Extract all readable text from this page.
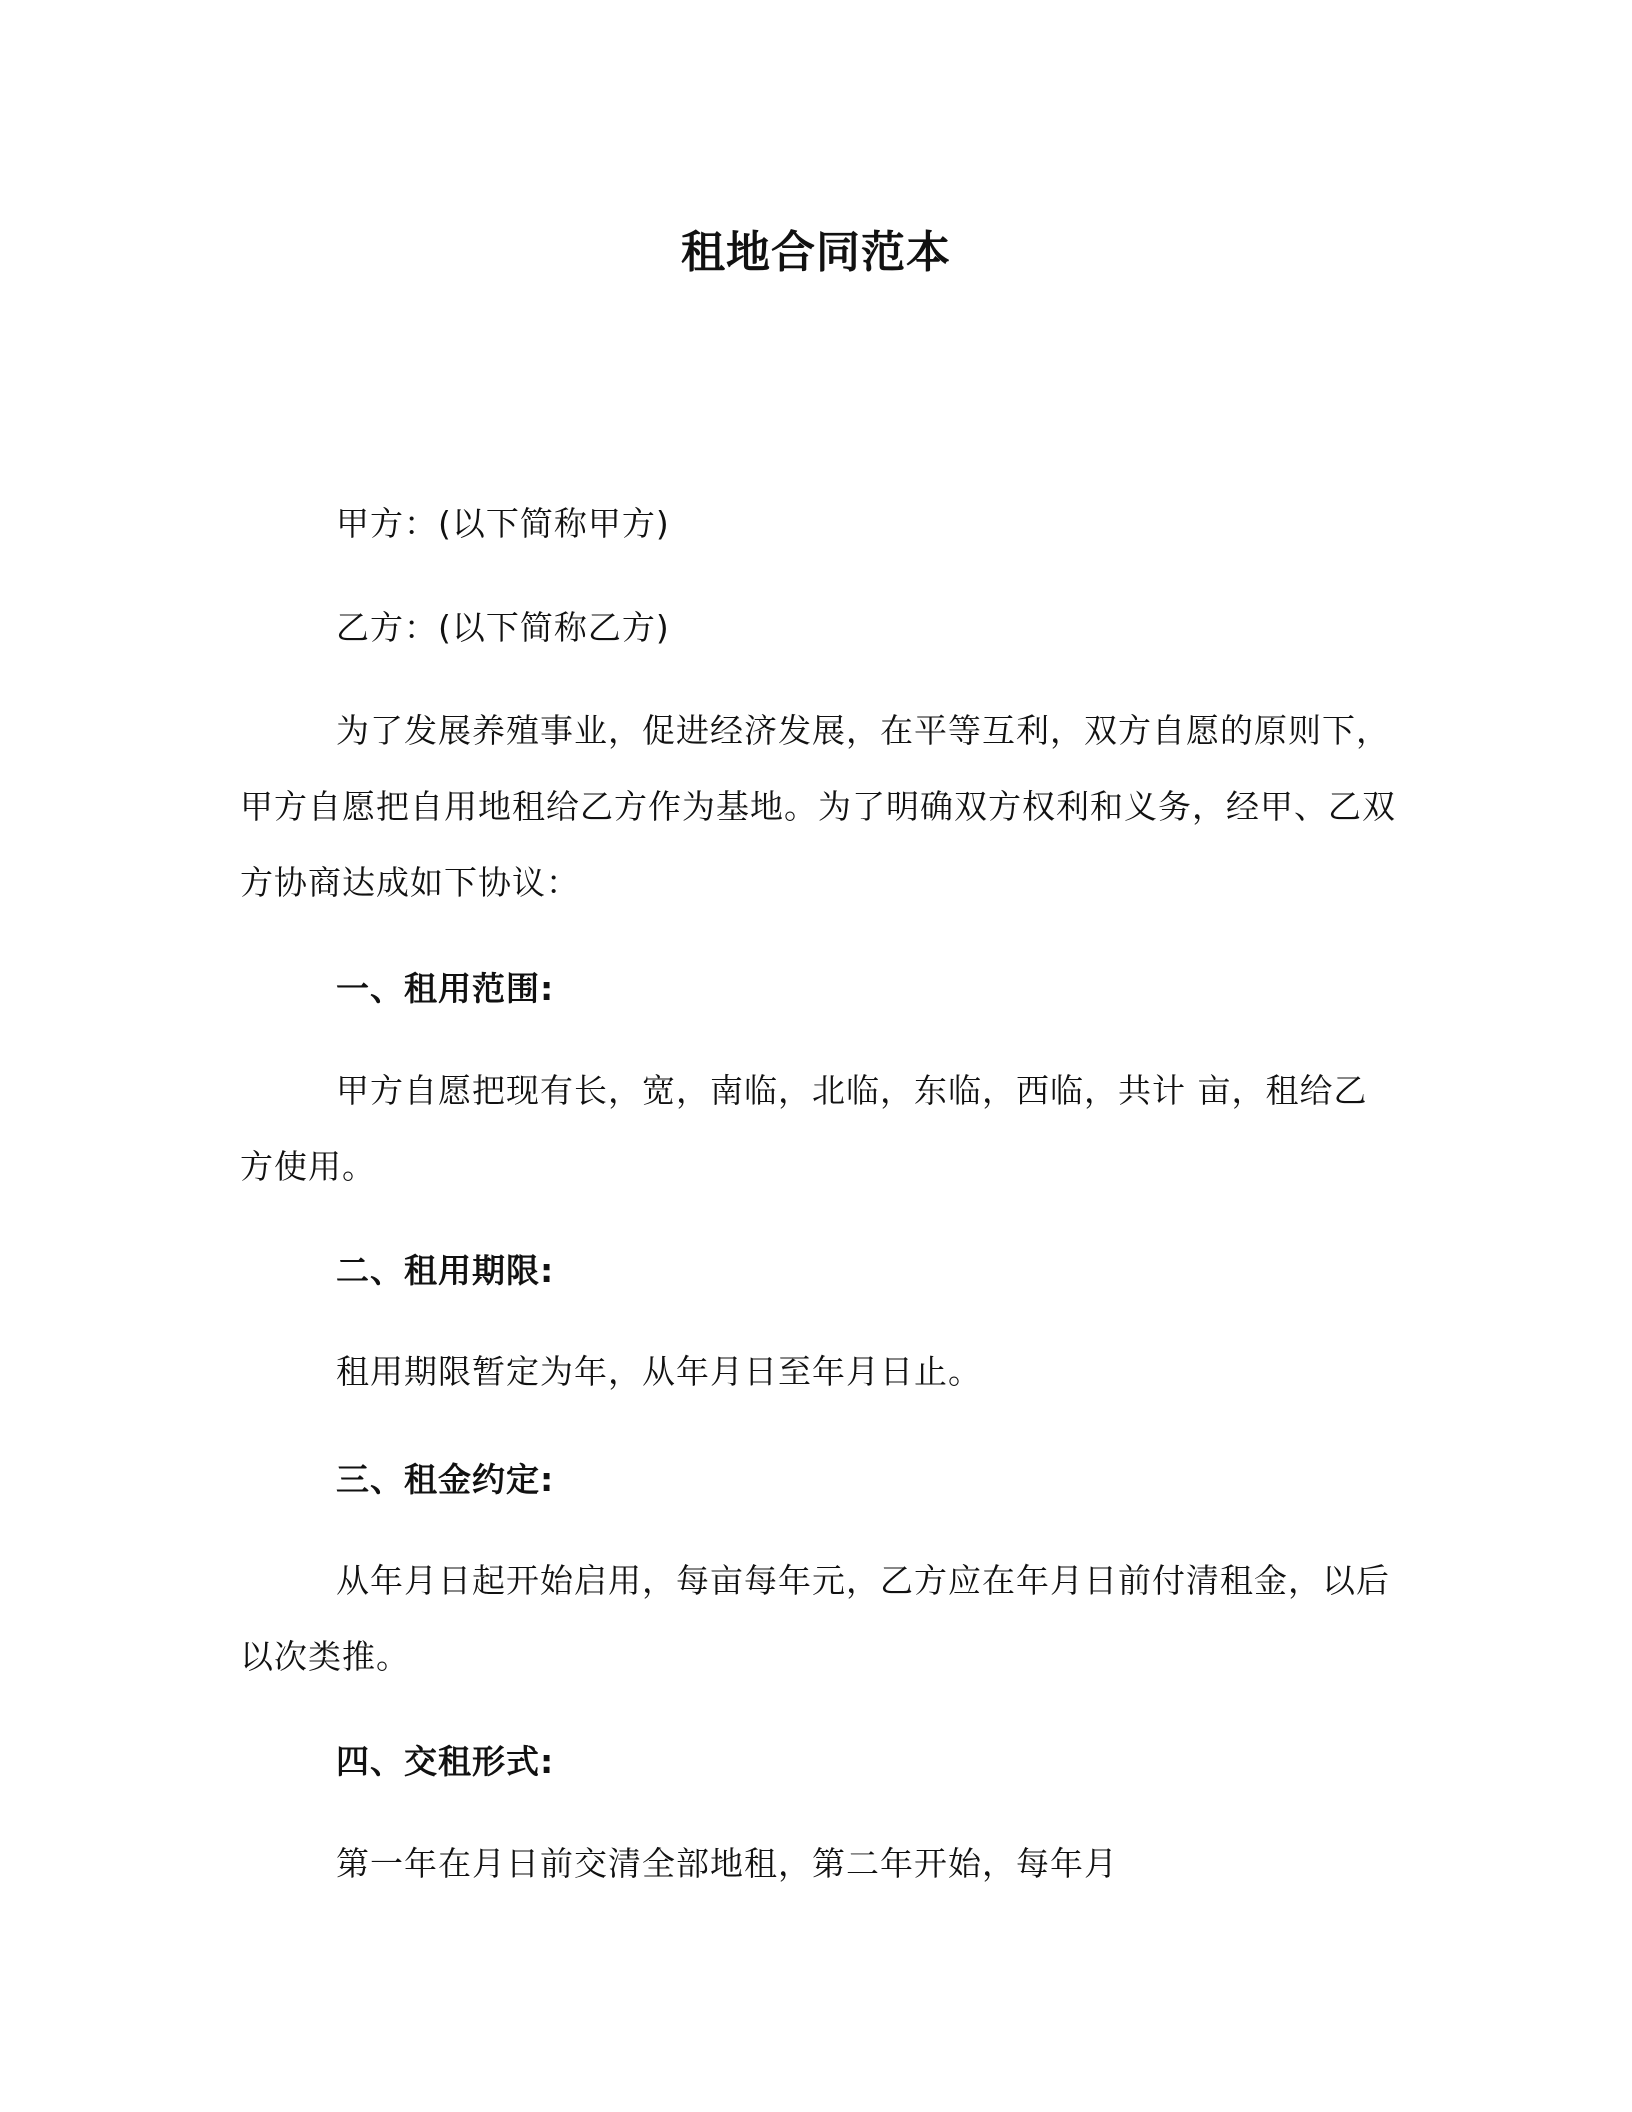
租地合同范本

甲方：(以下简称甲方)

乙方：(以下简称乙方)

为了发展养殖事业，促进经济发展，在平等互利，双方自愿的原则下，甲方自愿把自用地租给乙方作为基地。为了明确双方权利和义务，经甲、乙双方协商达成如下协议：

一、租用范围:

甲方自愿把现有长，宽，南临，北临，东临，西临，共计 亩，租给乙方使用。

二、租用期限:

租用期限暂定为年，从年月日至年月日止。

三、租金约定:

从年月日起开始启用，每亩每年元，乙方应在年月日前付清租金，以后以次类推。

四、交租形式:

第一年在月日前交清全部地租，第二年开始，每年月
